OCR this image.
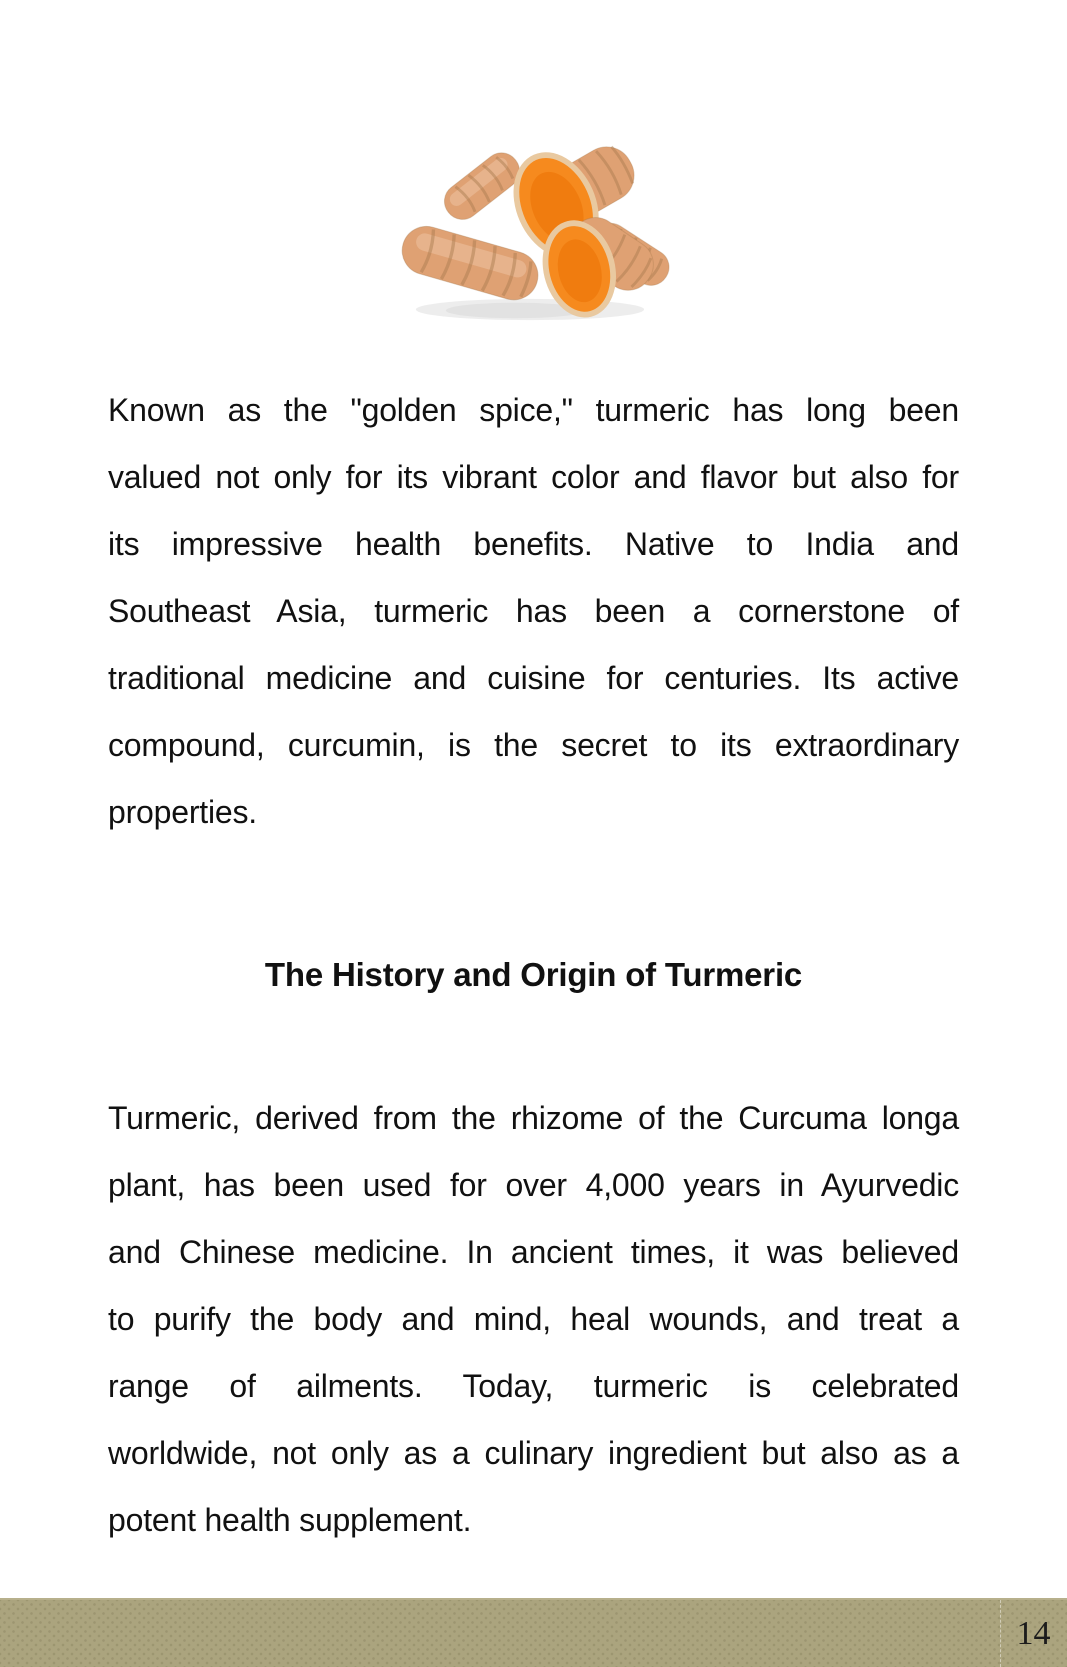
Known as the "golden spice," turmeric has long been
valued not only for its vibrant color and flavor but also for
its impressive health benefits. Native to India and
Southeast Asia, turmeric has been a cornerstone of
traditional medicine and cuisine for centuries. Its active
compound, curcumin, is the secret to its extraordinary
properties.
The History and Origin of Turmeric
Turmeric, derived from the rhizome of the Curcuma longa
plant, has been used for over 4,000 years in Ayurvedic
and Chinese medicine. In ancient times, it was believed
to purify the body and mind, heal wounds, and treat a
range of ailments. Today, turmeric is celebrated
worldwide, not only as a culinary ingredient but also as a
potent health supplement.
14
